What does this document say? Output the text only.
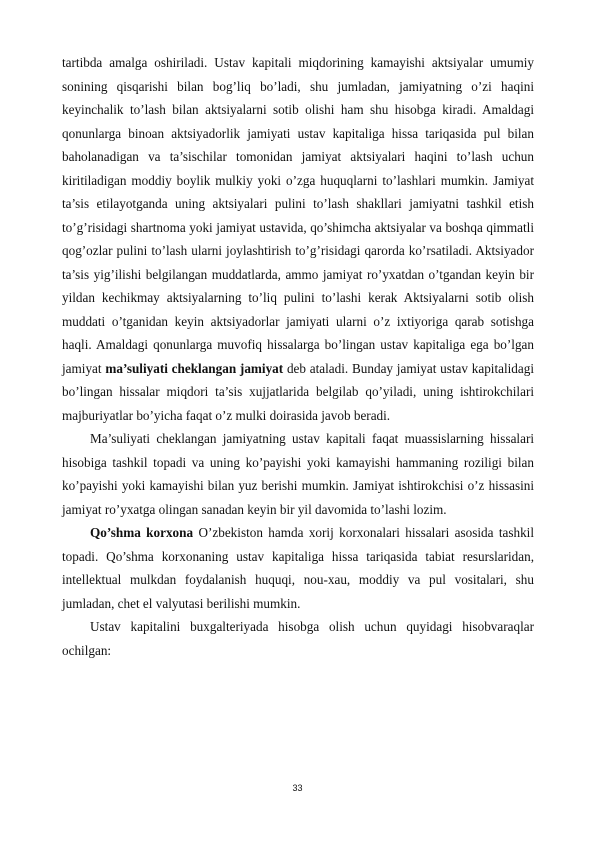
tartibda amalga oshiriladi. Ustav kapitali miqdorining kamayishi aktsiyalar umumiy sonining qisqarishi bilan bog’liq bo’ladi, shu jumladan, jamiyatning o’zi haqini keyinchalik to’lash bilan aktsiyalarni sotib olishi ham shu hisobga kiradi. Amaldagi qonunlarga binoan aktsiyadorlik jamiyati ustav kapitaliga hissa tariqasida pul bilan baholanadigan va ta’sischilar tomonidan jamiyat aktsiyalari haqini to’lash uchun kiritiladigan moddiy boylik mulkiy yoki o’zga huquqlarni to’lashlari mumkin. Jamiyat ta’sis etilayotganda uning aktsiyalari pulini to’lash shakllari jamiyatni tashkil etish to’g’risidagi shartnoma yoki jamiyat ustavida, qo’shimcha aktsiyalar va boshqa qimmatli qog’ozlar pulini to’lash ularni joylashtirish to’g’risidagi qarorda ko’rsatiladi. Aktsiyador ta’sis yig’ilishi belgilangan muddatlarda, ammo jamiyat ro’yxatdan o’tgandan keyin bir yildan kechikmay aktsiyalarning to’liq pulini to’lashi kerak Aktsiyalarni sotib olish muddati o’tganidan keyin aktsiyadorlar jamiyati ularni o’z ixtiyoriga qarab sotishga haqli. Amaldagi qonunlarga muvofiq hissalarga bo’lingan ustav kapitaliga ega bo’lgan jamiyat ma’suliyati cheklangan jamiyat deb ataladi. Bunday jamiyat ustav kapitalidagi bo’lingan hissalar miqdori ta’sis xujjatlarida belgilab qo’yiladi, uning ishtirokchilari majburiyatlar bo’yicha faqat o’z mulki doirasida javob beradi.

Ma’suliyati cheklangan jamiyatning ustav kapitali faqat muassislarning hissalari hisobiga tashkil topadi va uning ko’payishi yoki kamayishi hammaning roziligi bilan ko’payishi yoki kamayishi bilan yuz berishi mumkin. Jamiyat ishtirokchisi o’z hissasini jamiyat ro’yxatga olingan sanadan keyin bir yil davomida to’lashi lozim.

Qo’shma korxona O’zbekiston hamda xorij korxonalari hissalari asosida tashkil topadi. Qo’shma korxonaning ustav kapitaliga hissa tariqasida tabiat resurslaridan, intellektual mulkdan foydalanish huquqi, nou-xau, moddiy va pul vositalari, shu jumladan, chet el valyutasi berilishi mumkin.

Ustav kapitalini buxgalteriyada hisobga olish uchun quyidagi hisobvaraqlar ochilgan:

33
